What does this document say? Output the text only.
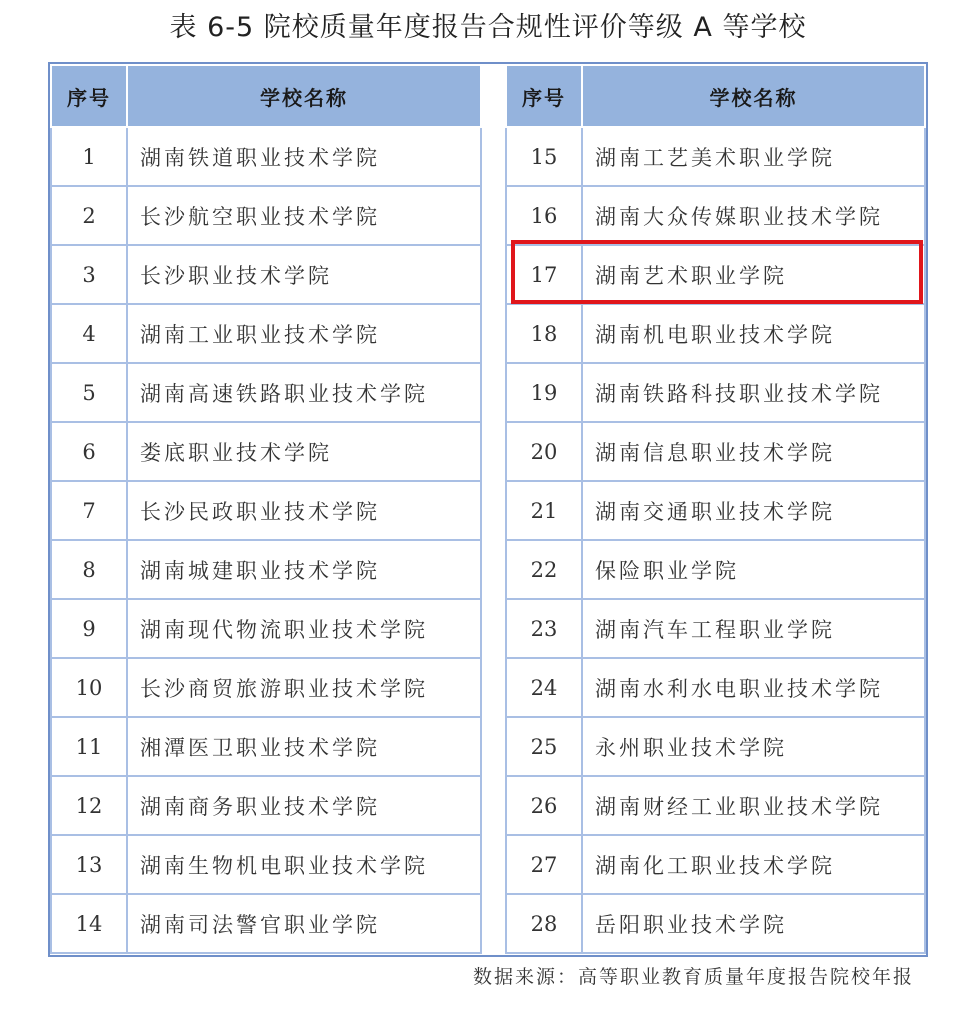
表 6-5 院校质量年度报告合规性评价等级 A 等学校
序号	学校名称
1	湖南铁道职业技术学院
2	长沙航空职业技术学院
3	长沙职业技术学院
4	湖南工业职业技术学院
5	湖南高速铁路职业技术学院
6	娄底职业技术学院
7	长沙民政职业技术学院
8	湖南城建职业技术学院
9	湖南现代物流职业技术学院
10	长沙商贸旅游职业技术学院
11	湘潭医卫职业技术学院
12	湖南商务职业技术学院
13	湖南生物机电职业技术学院
14	湖南司法警官职业学院
序号	学校名称
15	湖南工艺美术职业学院
16	湖南大众传媒职业技术学院
17	湖南艺术职业学院
18	湖南机电职业技术学院
19	湖南铁路科技职业技术学院
20	湖南信息职业技术学院
21	湖南交通职业技术学院
22	保险职业学院
23	湖南汽车工程职业学院
24	湖南水利水电职业技术学院
25	永州职业技术学院
26	湖南财经工业职业技术学院
27	湖南化工职业技术学院
28	岳阳职业技术学院
数据来源：高等职业教育质量年度报告院校年报
